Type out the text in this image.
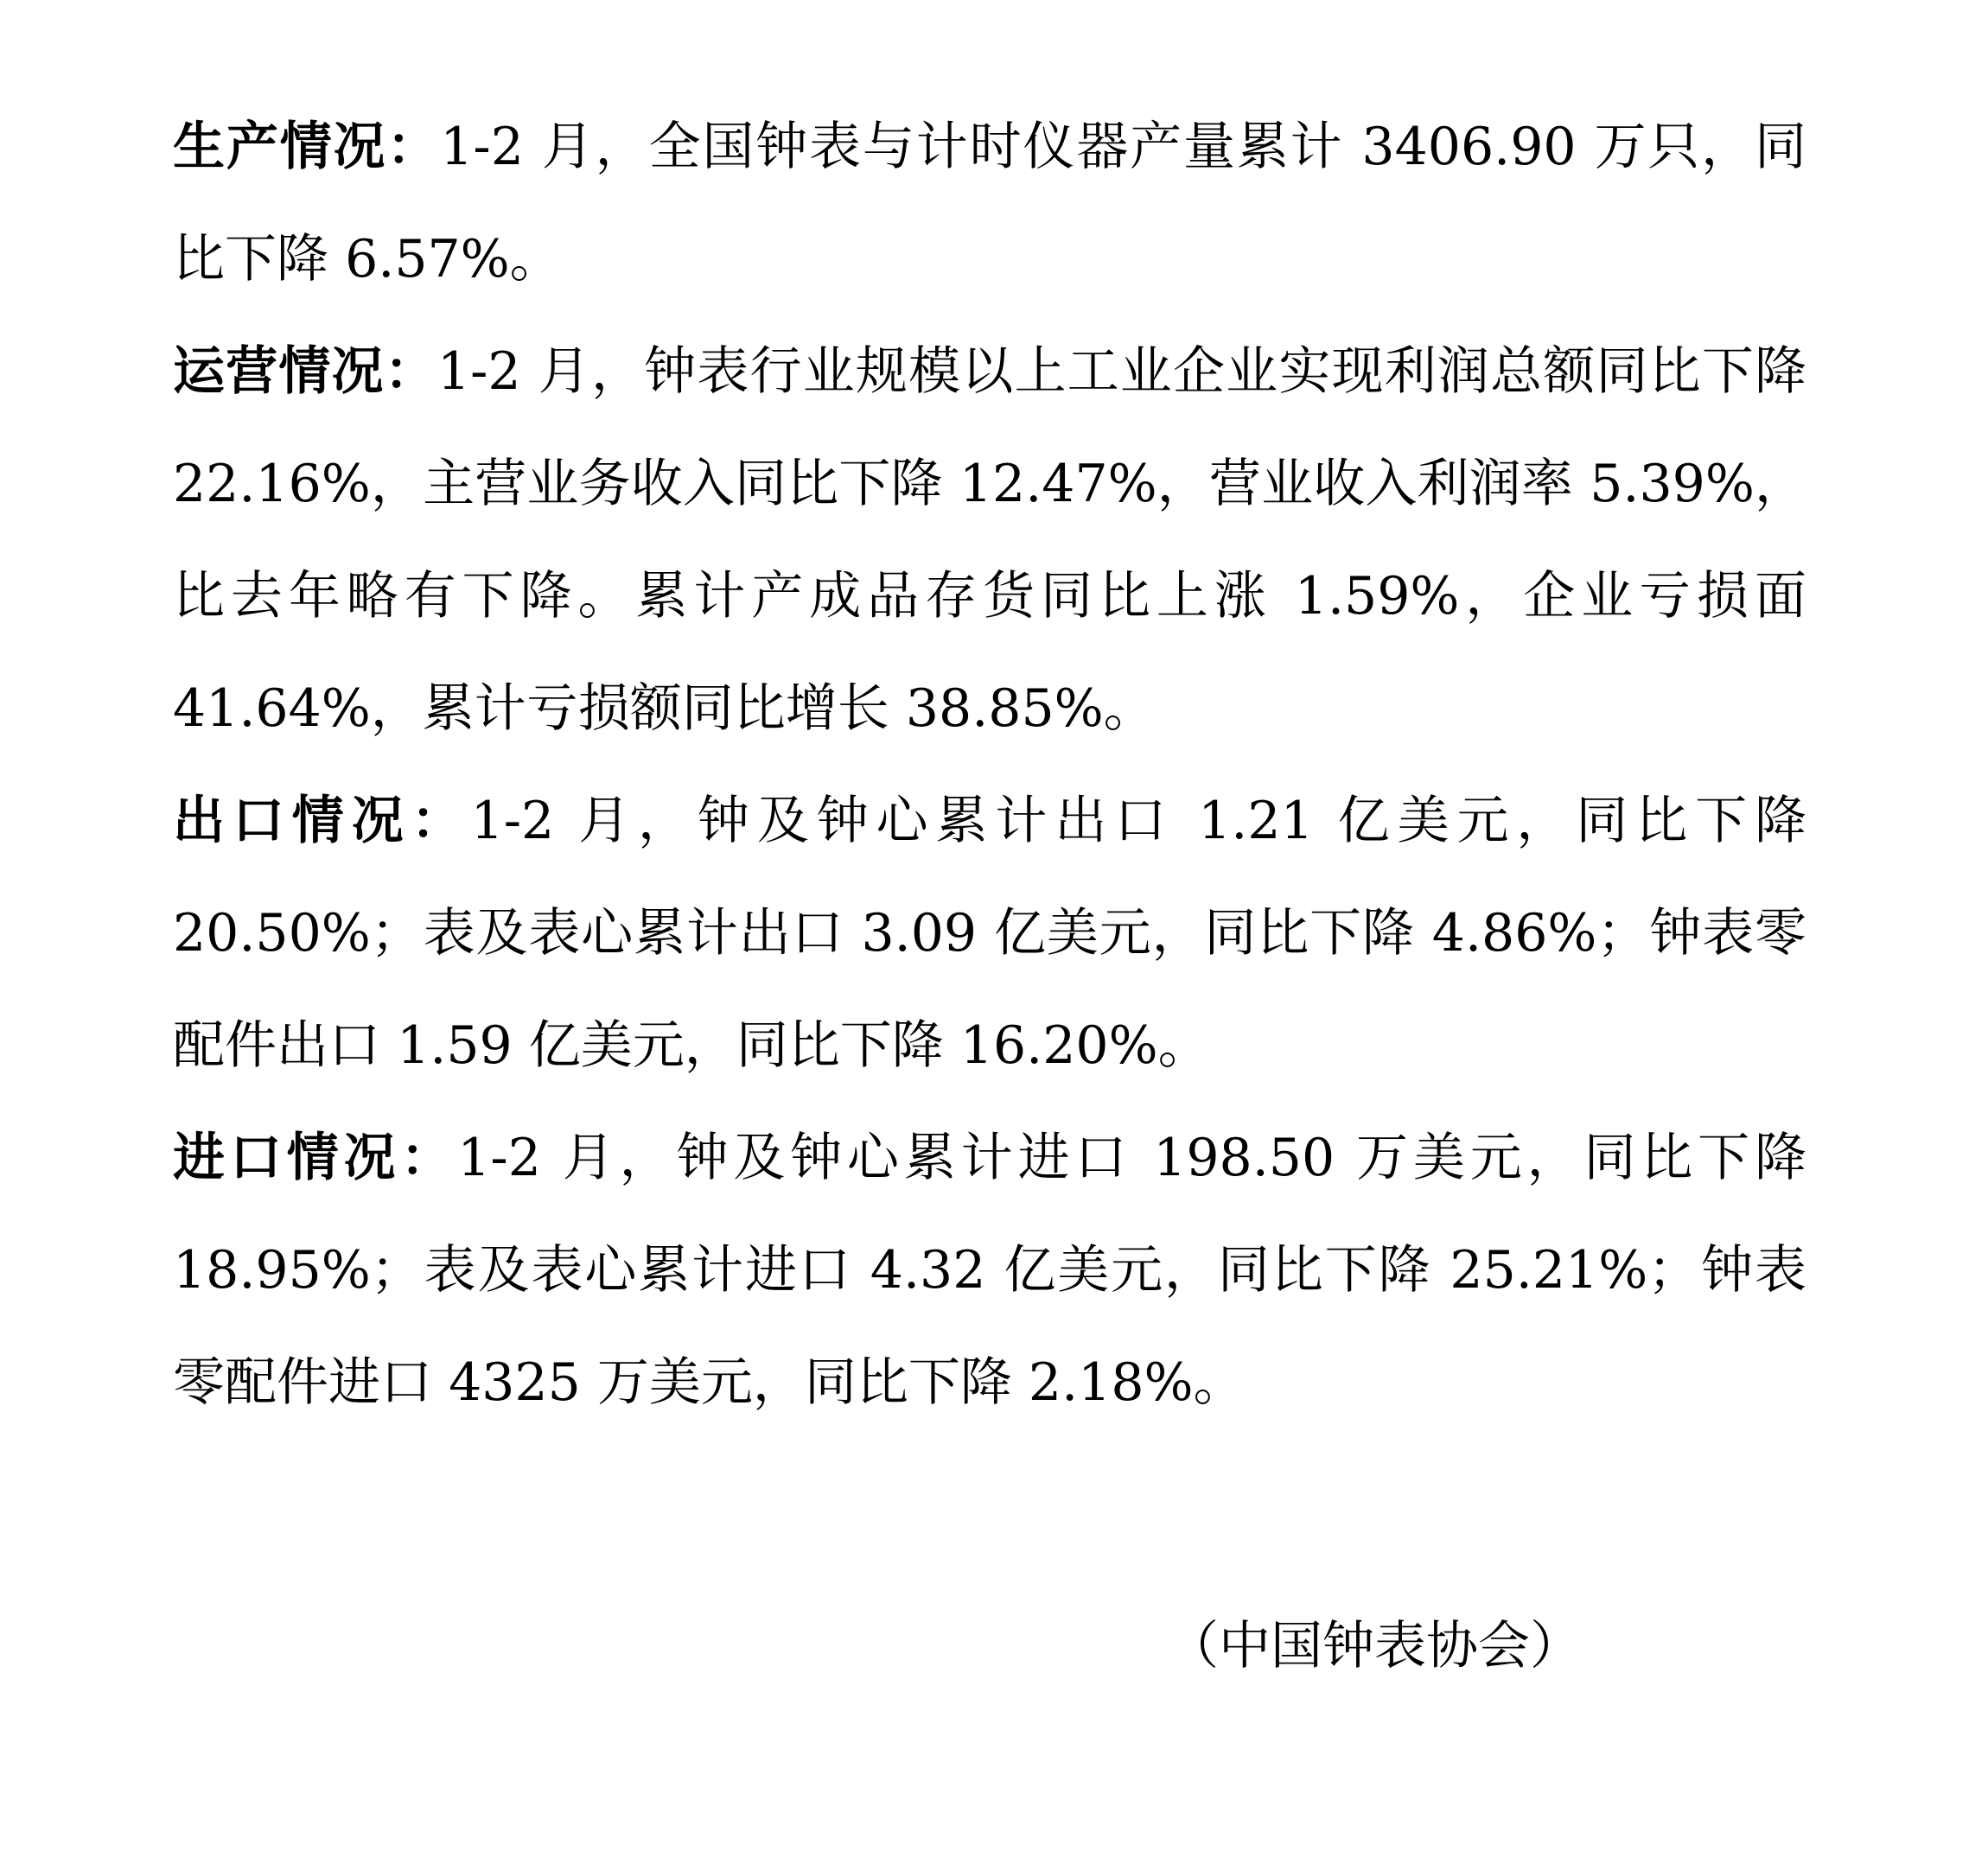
生产情况：1-2 月，全国钟表与计时仪器产量累计 3406.90 万只，同比下降 6.57%。

运营情况：1-2 月，钟表行业规模以上工业企业实现利润总额同比下降 22.16%，主营业务收入同比下降 12.47%，营业收入利润率 5.39%，比去年略有下降。累计产成品存货同比上涨 1.59%，企业亏损面 41.64%，累计亏损额同比增长 38.85%。

出口情况：1-2 月，钟及钟心累计出口 1.21 亿美元，同比下降 20.50%；表及表心累计出口 3.09 亿美元，同比下降 4.86%；钟表零配件出口 1.59 亿美元，同比下降 16.20%。

进口情况：1-2 月，钟及钟心累计进口 198.50 万美元，同比下降 18.95%；表及表心累计进口 4.32 亿美元，同比下降 25.21%；钟表零配件进口 4325 万美元，同比下降 2.18%。

（中国钟表协会）
